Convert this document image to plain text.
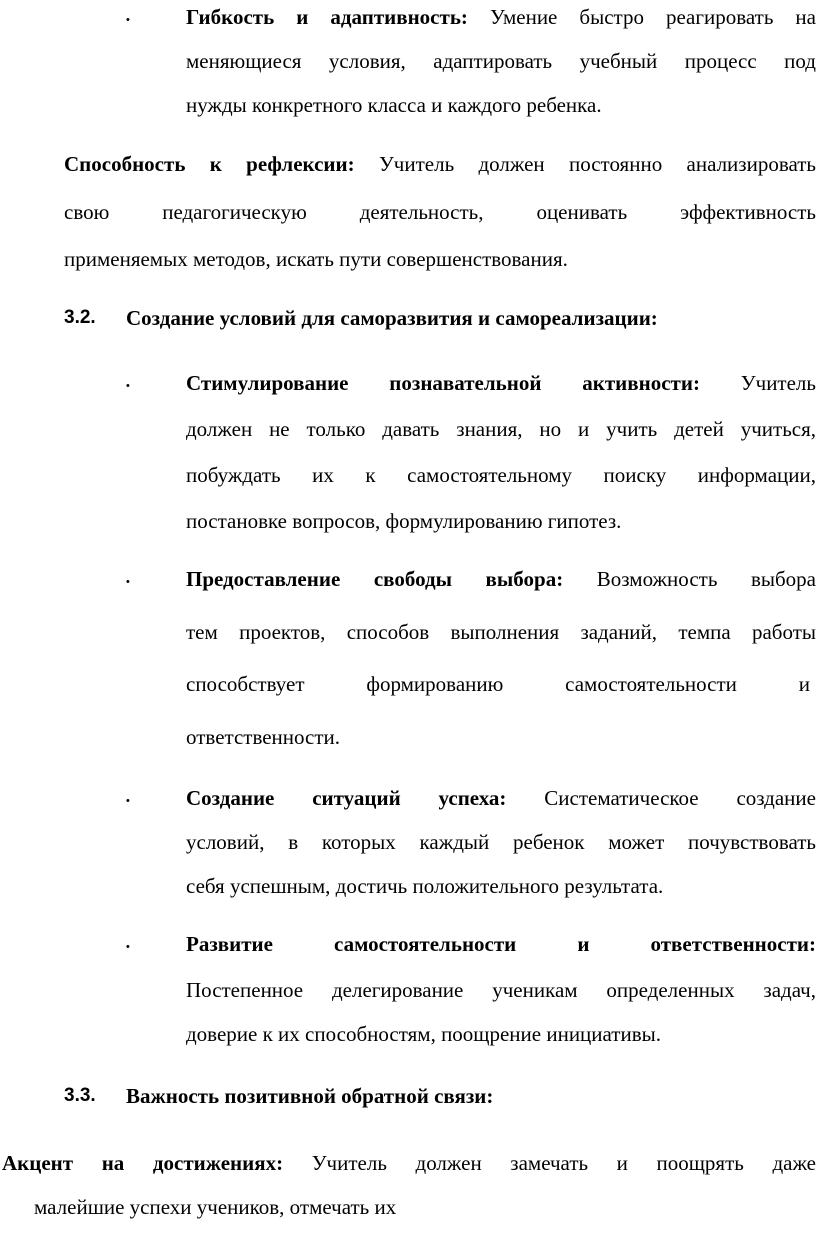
•	Гибкость и адаптивность: Умение быстро реагировать на
меняющиеся условия, адаптировать учебный процесс под
нужды конкретного класса и каждого ребенка.
Способность к рефлексии: Учитель должен постоянно анализировать
свою педагогическую деятельность, оценивать эффективность
применяемых методов, искать пути совершенствования.
3.2. Создание условий для саморазвития и самореализации:
•	Стимулирование познавательной активности: Учитель
должен не только давать знания, но и учить детей учиться,
побуждать их к самостоятельному поиску информации,
постановке вопросов, формулированию гипотез.
•	Предоставление свободы выбора: Возможность выбора
тем проектов, способов выполнения заданий, темпа работы
способствует формированию самостоятельности и
ответственности.
•	Создание ситуаций успеха: Систематическое создание
условий, в которых каждый ребенок может почувствовать
себя успешным, достичь положительного результата.
•	Развитие самостоятельности и ответственности:
Постепенное делегирование ученикам определенных задач,
доверие к их способностям, поощрение инициативы.
3.3. Важность позитивной обратной связи:
Акцент на достижениях: Учитель должен замечать и поощрять даже
малейшие успехи учеников, отмечать их
